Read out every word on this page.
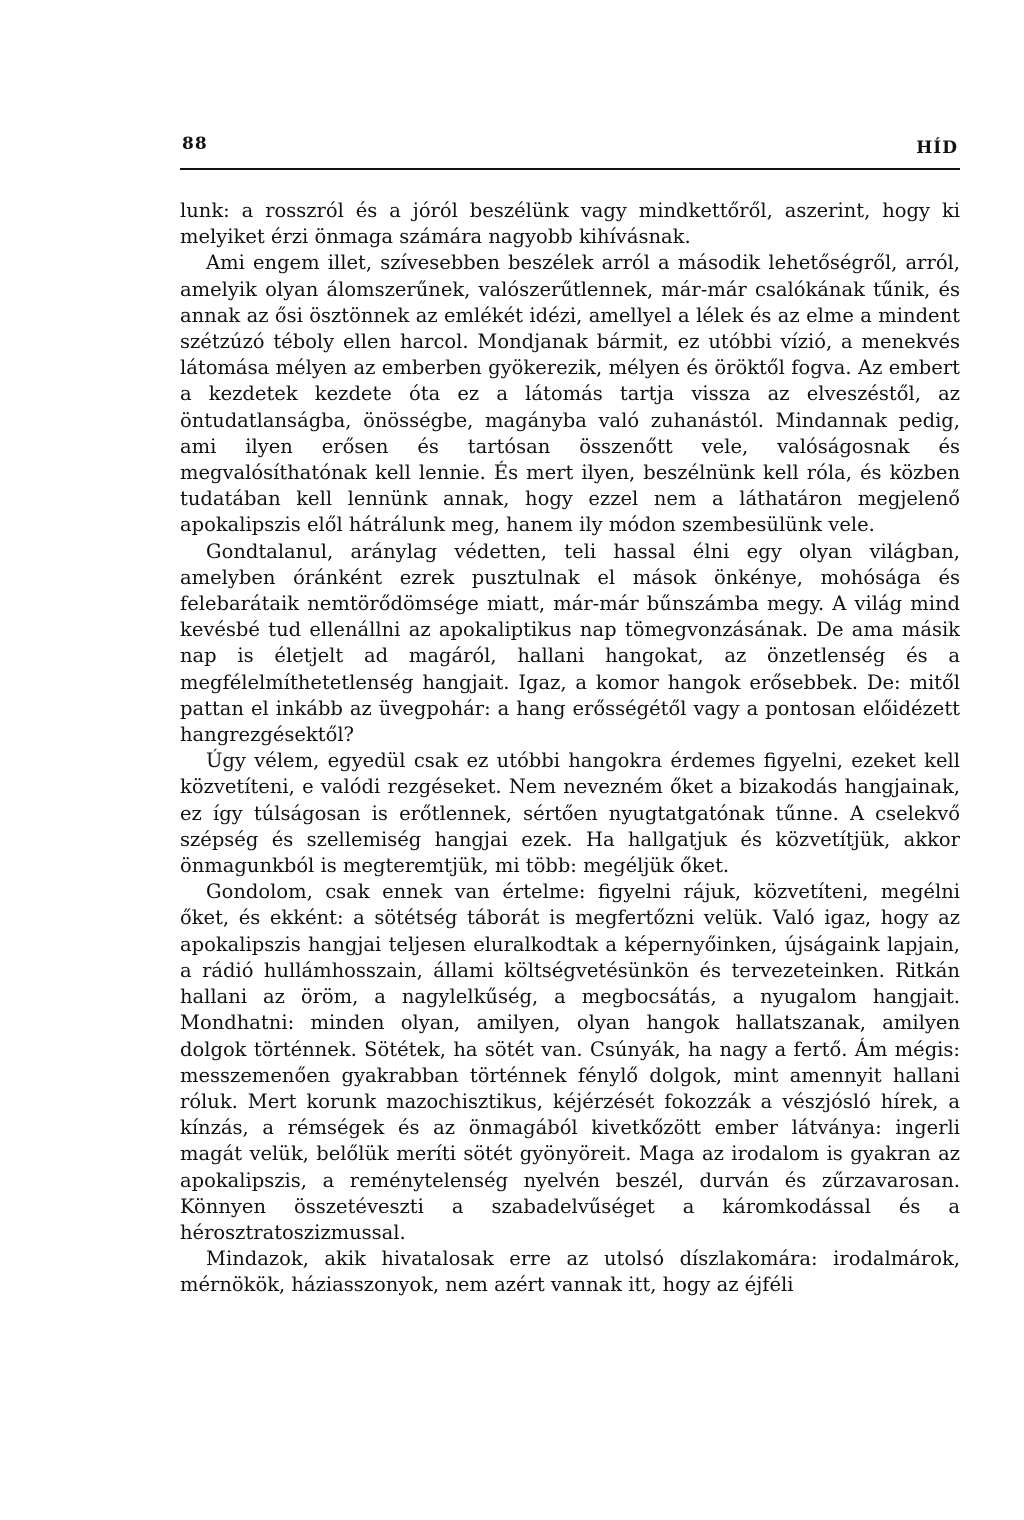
88	HÍD

lunk: a rosszról és a jóról beszélünk vagy mindkettőről, aszerint, hogy ki melyiket érzi önmaga számára nagyobb kihívásnak.

Ami engem illet, szívesebben beszélek arról a második lehetőségről, arról, amelyik olyan álomszerűnek, valószerűtlennek, már-már csalókának tűnik, és annak az ősi ösztönnek az emlékét idézi, amellyel a lélek és az elme a mindent szétzúzó téboly ellen harcol. Mondjanak bármit, ez utóbbi vízió, a menekvés látomása mélyen az emberben gyökerezik, mélyen és öröktől fogva. Az embert a kezdetek kezdete óta ez a látomás tartja vissza az elveszéstől, az öntudatlanságba, önösségbe, magányba való zuhanástól. Mindannak pedig, ami ilyen erősen és tartósan összenőtt vele, valóságosnak és megvalósíthatónak kell lennie. És mert ilyen, beszélnünk kell róla, és közben tudatában kell lennünk annak, hogy ezzel nem a láthatáron megjelenő apokalipszis elől hátrálunk meg, hanem ily módon szembesülünk vele.

Gondtalanul, aránylag védetten, teli hassal élni egy olyan világban, amelyben óránként ezrek pusztulnak el mások önkénye, mohósága és felebarátaik nemtörődömsége miatt, már-már bűnszámba megy. A világ mind kevésbé tud ellenállni az apokaliptikus nap tömegvonzásának. De ama másik nap is életjelt ad magáról, hallani hangokat, az önzetlenség és a megfélelmíthetetlenség hangjait. Igaz, a komor hangok erősebbek. De: mitől pattan el inkább az üvegpohár: a hang erősségétől vagy a pontosan előidézett hangrezgésektől?

Úgy vélem, egyedül csak ez utóbbi hangokra érdemes figyelni, ezeket kell közvetíteni, e valódi rezgéseket. Nem nevezném őket a bizakodás hangjainak, ez így túlságosan is erőtlennek, sértően nyugtatgatónak tűnne. A cselekvő szépség és szellemiség hangjai ezek. Ha hallgatjuk és közvetítjük, akkor önmagunkból is megteremtjük, mi több: megéljük őket.

Gondolom, csak ennek van értelme: figyelni rájuk, közvetíteni, megélni őket, és ekként: a sötétség táborát is megfertőzni velük. Való igaz, hogy az apokalipszis hangjai teljesen eluralkodtak a képernyőinken, újságaink lapjain, a rádió hullámhosszain, állami költségvetésünkön és tervezeteinken. Ritkán hallani az öröm, a nagylelkűség, a megbocsátás, a nyugalom hangjait. Mondhatni: minden olyan, amilyen, olyan hangok hallatszanak, amilyen dolgok történnek. Sötétek, ha sötét van. Csúnyák, ha nagy a fertő. Ám mégis: messzemenően gyakrabban történnek fénylő dolgok, mint amennyit hallani róluk. Mert korunk mazochisztikus, kéjérzését fokozzák a vészjósló hírek, a kínzás, a rémségek és az önmagából kivetkőzött ember látványa: ingerli magát velük, belőlük meríti sötét gyönyöreit. Maga az irodalom is gyakran az apokalipszis, a reménytelenség nyelvén beszél, durván és zűrzavarosan. Könnyen összetéveszti a szabadelvűséget a káromkodással és a hérosztratoszizmussal.

Mindazok, akik hivatalosak erre az utolsó díszlakomára: irodalmárok, mérnökök, háziasszonyok, nem azért vannak itt, hogy az éjféli
